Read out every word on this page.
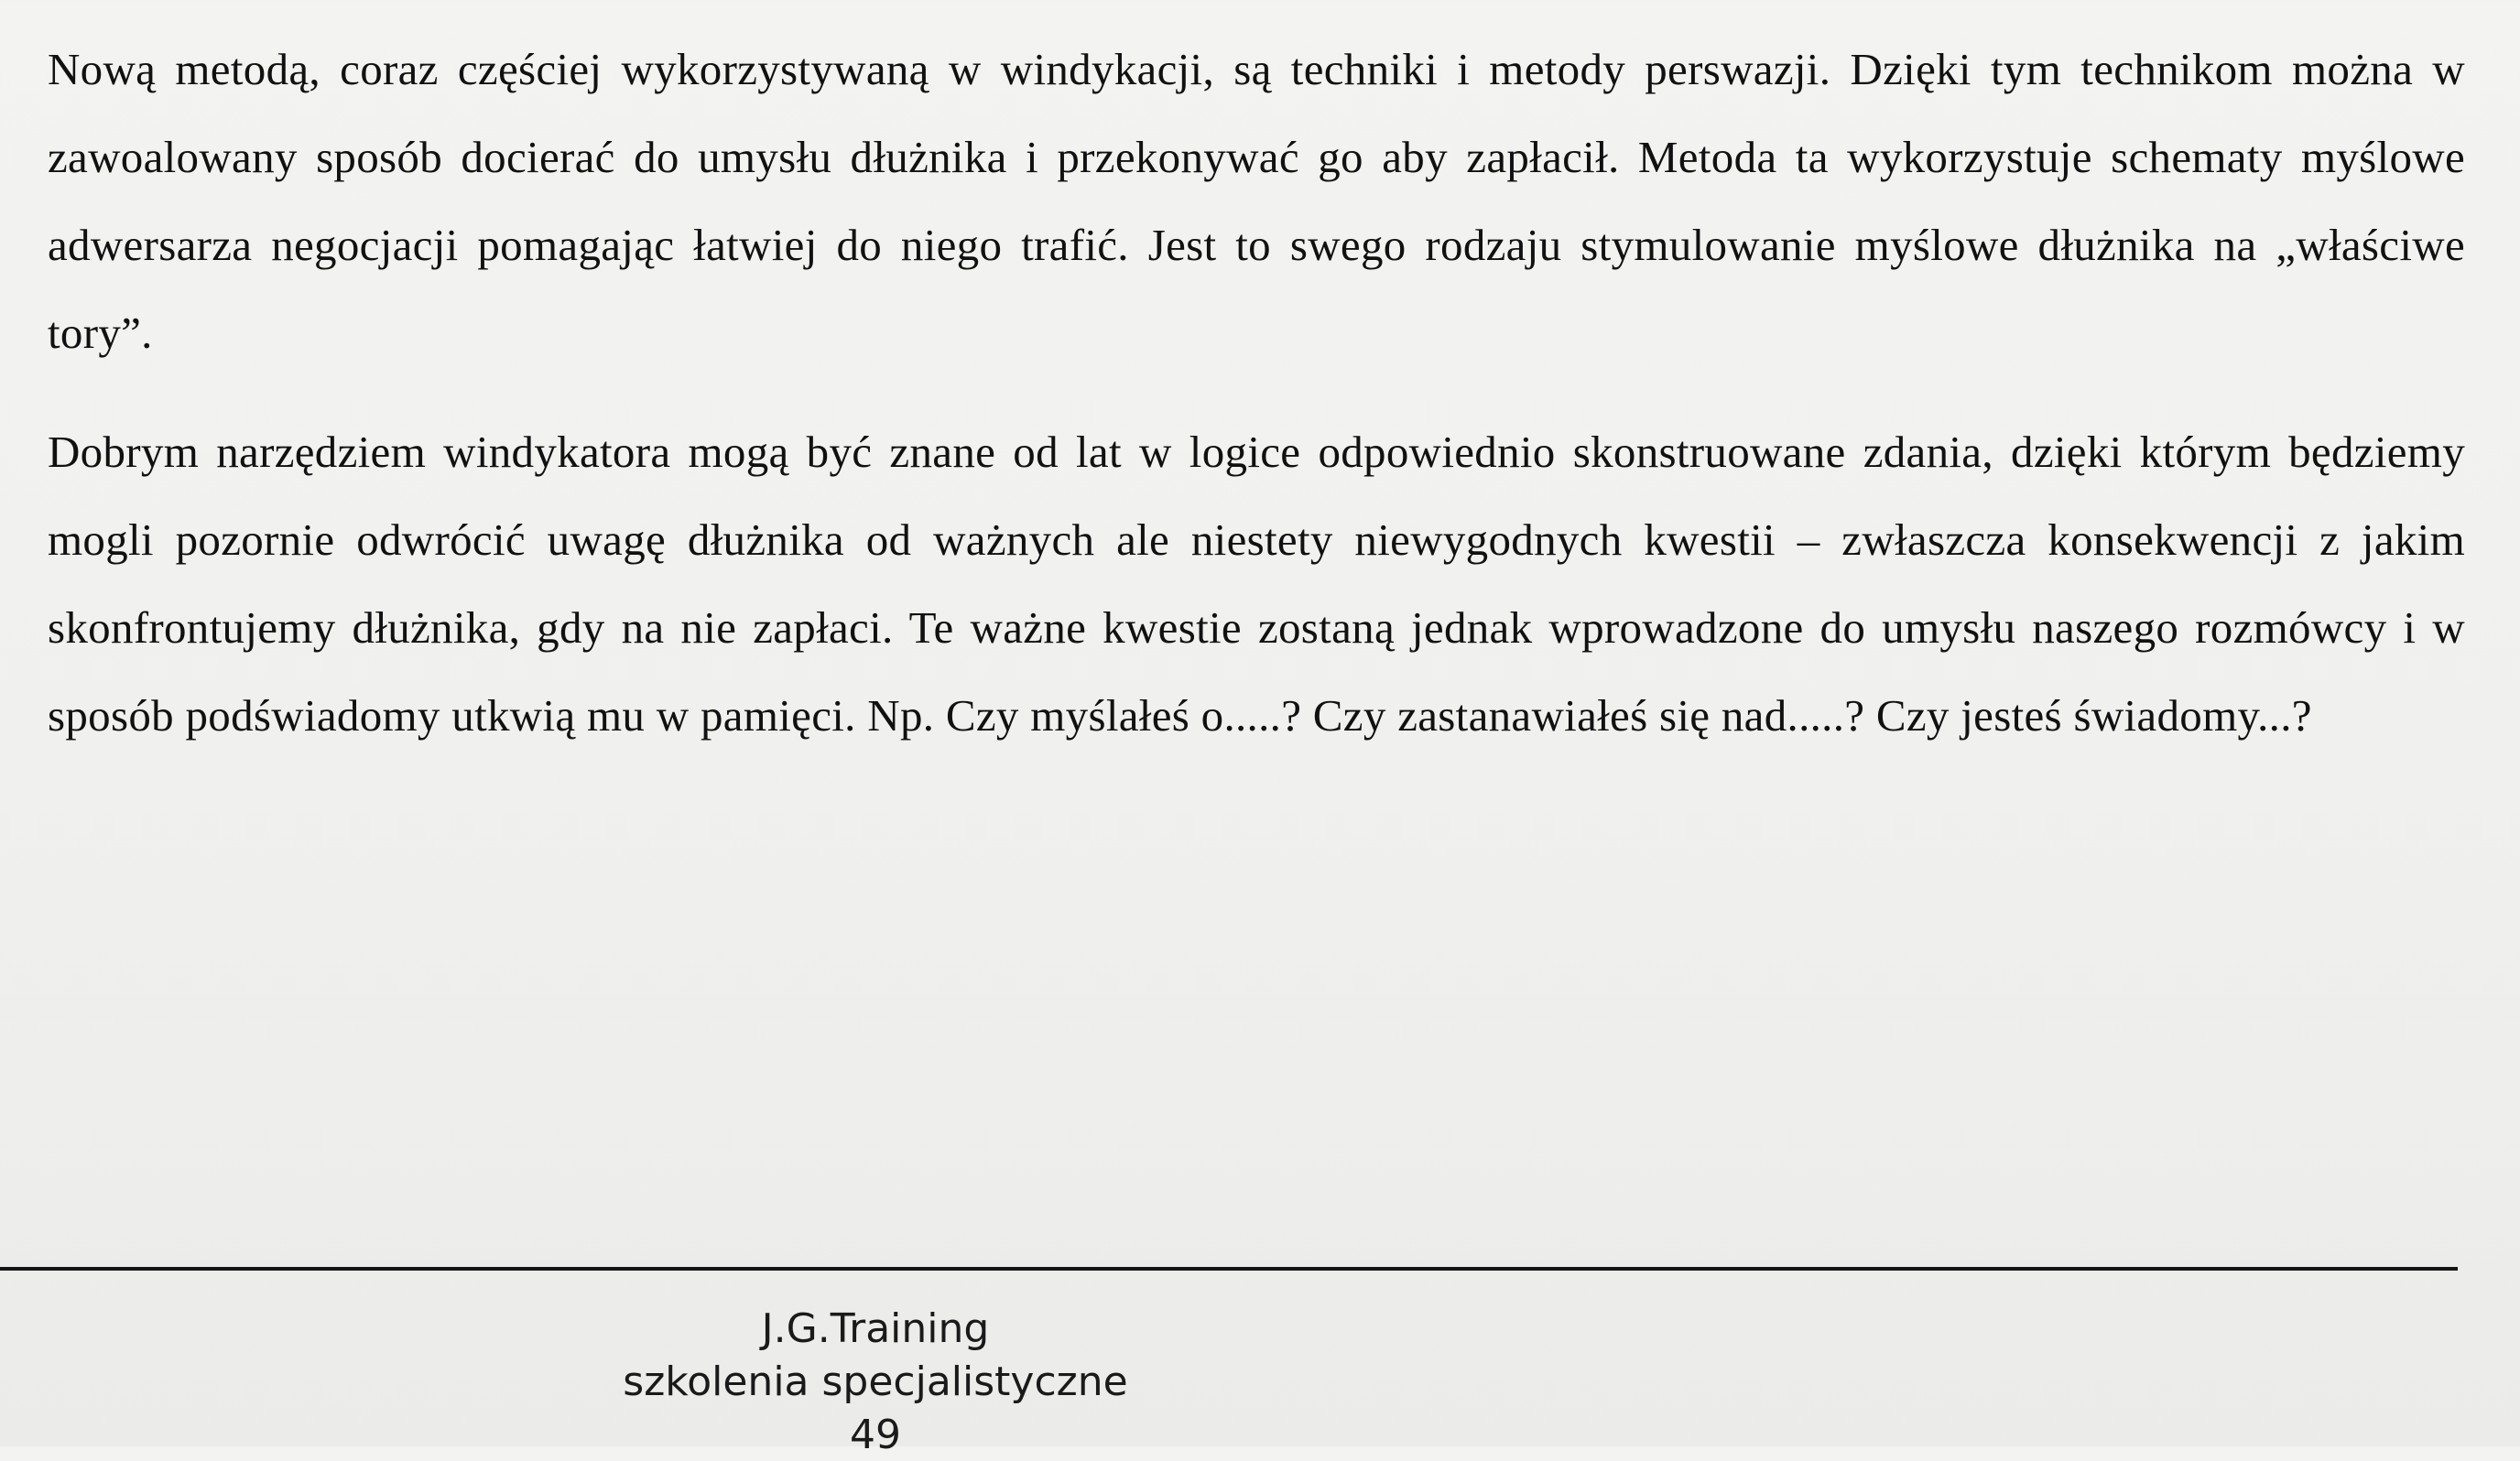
Nową metodą, coraz częściej wykorzystywaną w windykacji, są techniki i metody perswazji. Dzięki tym technikom można w zawoalowany sposób docierać do umysłu dłużnika i przekonywać go aby zapłacił. Metoda ta wykorzystuje schematy myślowe adwersarza negocjacji pomagając łatwiej do niego trafić. Jest to swego rodzaju stymulowanie myślowe dłużnika na „właściwe tory”.

Dobrym narzędziem windykatora mogą być znane od lat w logice odpowiednio skonstruowane zdania, dzięki którym będziemy mogli pozornie odwrócić uwagę dłużnika od ważnych ale niestety niewygodnych kwestii – zwłaszcza konsekwencji z jakim skonfrontujemy dłużnika, gdy na nie zapłaci. Te ważne kwestie zostaną jednak wprowadzone do umysłu naszego rozmówcy i w sposób podświadomy utkwią mu w pamięci. Np. Czy myślałeś o.....? Czy zastanawiałeś się nad.....? Czy jesteś świadomy...?

J.G.Training
szkolenia specjalistyczne
49
